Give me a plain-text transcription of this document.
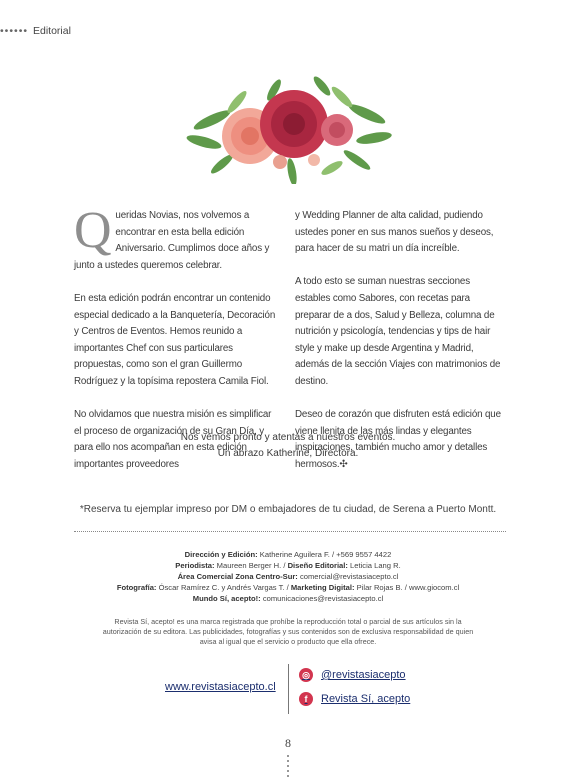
•••••• Editorial

Q ueridas Novias, nos volvemos a encontrar en esta bella edición Aniversario. Cumplimos doce años y junto a ustedes queremos celebrar.

En esta edición podrán encontrar un contenido especial dedicado a la Banquetería, Decoración y Centros de Eventos. Hemos reunido a importantes Chef con sus particulares propuestas, como son el gran Guillermo Rodríguez y la topísima repostera Camila Fiol.

No olvidamos que nuestra misión es simplificar el proceso de organización de su Gran Día, y para ello nos acompañan en esta edición importantes proveedores

y Wedding Planner de alta calidad, pudiendo ustedes poner en sus manos sueños y deseos, para hacer de su matri un día increíble.

A todo esto se suman nuestras secciones estables como Sabores, con recetas para preparar de a dos, Salud y Belleza, columna de nutrición y psicología, tendencias y tips de hair style y make up desde Argentina y Madrid, además de la sección Viajes con matrimonios de destino.

Deseo de corazón que disfruten está edición que viene llenita de las más lindas y elegantes inspiraciones, también mucho amor y detalles hermosos.✣

Nos vemos pronto y atentas a nuestros eventos.
Un abrazo Katherine, Directora.
*Reserva tu ejemplar impreso por DM o embajadores de tu ciudad, de Serena a Puerto Montt.
Dirección y Edición: Katherine Aguilera F. / +569 9557 4422
Periodista: Maureen Berger H. / Diseño Editorial: Leticia Lang R.
Área Comercial Zona Centro-Sur: comercial@revistasiacepto.cl
Fotografía: Óscar Ramírez C. y Andrés Vargas T. / Marketing Digital: Pilar Rojas B. / www.giocom.cl
Mundo Sí, acepto!: comunicaciones@revistasiacepto.cl
Revista Sí, acepto! es una marca registrada que prohíbe la reproducción total o parcial de sus artículos sin la autorización de su editora. Las publicidades, fotografías y sus contenidos son de exclusiva responsabilidad de quien avisa al igual que el servicio o producto que ella ofrece.
www.revistasiacepto.cl
◎ @revistasiacepto
f	Revista Sí, acepto
8
